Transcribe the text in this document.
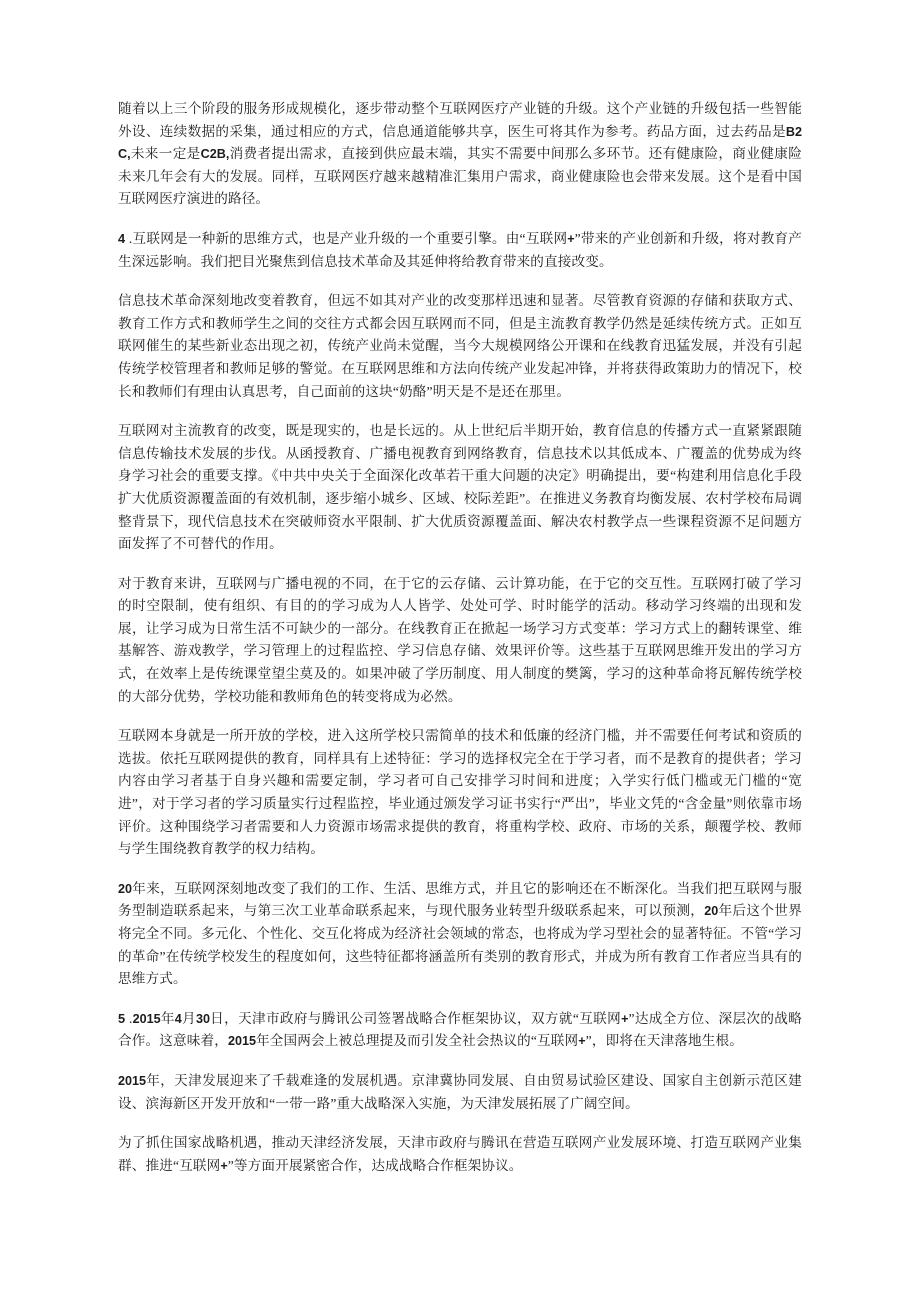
随着以上三个阶段的服务形成规模化，逐步带动整个互联网医疗产业链的升级。这个产业链的升级包括一些智能外设、连续数据的采集，通过相应的方式，信息通道能够共享，医生可将其作为参考。药品方面，过去药品是B2C,未来一定是C2B,消费者提出需求，直接到供应最末端，其实不需要中间那么多环节。还有健康险，商业健康险未来几年会有大的发展。同样，互联网医疗越来越精准汇集用户需求，商业健康险也会带来发展。这个是看中国互联网医疗演进的路径。

4 .互联网是一种新的思维方式，也是产业升级的一个重要引擎。由“互联网+”带来的产业创新和升级，将对教育产生深远影响。我们把目光聚焦到信息技术革命及其延伸将给教育带来的直接改变。

信息技术革命深刻地改变着教育，但远不如其对产业的改变那样迅速和显著。尽管教育资源的存储和获取方式、教育工作方式和教师学生之间的交往方式都会因互联网而不同，但是主流教育教学仍然是延续传统方式。正如互联网催生的某些新业态出现之初，传统产业尚未觉醒，当今大规模网络公开课和在线教育迅猛发展，并没有引起传统学校管理者和教师足够的警觉。在互联网思维和方法向传统产业发起冲锋，并将获得政策助力的情况下，校长和教师们有理由认真思考，自己面前的这块“奶酪”明天是不是还在那里。

互联网对主流教育的改变，既是现实的，也是长远的。从上世纪后半期开始，教育信息的传播方式一直紧紧跟随信息传输技术发展的步伐。从函授教育、广播电视教育到网络教育，信息技术以其低成本、广覆盖的优势成为终身学习社会的重要支撑。《中共中央关于全面深化改革若干重大问题的决定》明确提出，要“构建利用信息化手段扩大优质资源覆盖面的有效机制，逐步缩小城乡、区域、校际差距”。在推进义务教育均衡发展、农村学校布局调整背景下，现代信息技术在突破师资水平限制、扩大优质资源覆盖面、解决农村教学点一些课程资源不足问题方面发挥了不可替代的作用。

对于教育来讲，互联网与广播电视的不同，在于它的云存储、云计算功能，在于它的交互性。互联网打破了学习的时空限制，使有组织、有目的的学习成为人人皆学、处处可学、时时能学的活动。移动学习终端的出现和发展，让学习成为日常生活不可缺少的一部分。在线教育正在掀起一场学习方式变革：学习方式上的翻转课堂、维基解答、游戏教学，学习管理上的过程监控、学习信息存储、效果评价等。这些基于互联网思维开发出的学习方式，在效率上是传统课堂望尘莫及的。如果冲破了学历制度、用人制度的樊篱，学习的这种革命将瓦解传统学校的大部分优势，学校功能和教师角色的转变将成为必然。

互联网本身就是一所开放的学校，进入这所学校只需简单的技术和低廉的经济门槛，并不需要任何考试和资质的选拔。依托互联网提供的教育，同样具有上述特征：学习的选择权完全在于学习者，而不是教育的提供者；学习内容由学习者基于自身兴趣和需要定制，学习者可自己安排学习时间和进度；入学实行低门槛或无门槛的“宽进”，对于学习者的学习质量实行过程监控，毕业通过颁发学习证书实行“严出”，毕业文凭的“含金量”则依靠市场评价。这种围绕学习者需要和人力资源市场需求提供的教育，将重构学校、政府、市场的关系，颠覆学校、教师与学生围绕教育教学的权力结构。

20年来，互联网深刻地改变了我们的工作、生活、思维方式，并且它的影响还在不断深化。当我们把互联网与服务型制造联系起来，与第三次工业革命联系起来，与现代服务业转型升级联系起来，可以预测，20年后这个世界将完全不同。多元化、个性化、交互化将成为经济社会领域的常态，也将成为学习型社会的显著特征。不管“学习的革命”在传统学校发生的程度如何，这些特征都将涵盖所有类别的教育形式，并成为所有教育工作者应当具有的思维方式。

5 .2015年4月30日，天津市政府与腾讯公司签署战略合作框架协议，双方就“互联网+”达成全方位、深层次的战略合作。这意味着，2015年全国两会上被总理提及而引发全社会热议的“互联网+”，即将在天津落地生根。

2015年，天津发展迎来了千载难逢的发展机遇。京津冀协同发展、自由贸易试验区建设、国家自主创新示范区建设、滨海新区开发开放和“一带一路”重大战略深入实施，为天津发展拓展了广阔空间。

为了抓住国家战略机遇，推动天津经济发展，天津市政府与腾讯在营造互联网产业发展环境、打造互联网产业集群、推进“互联网+”等方面开展紧密合作，达成战略合作框架协议。
